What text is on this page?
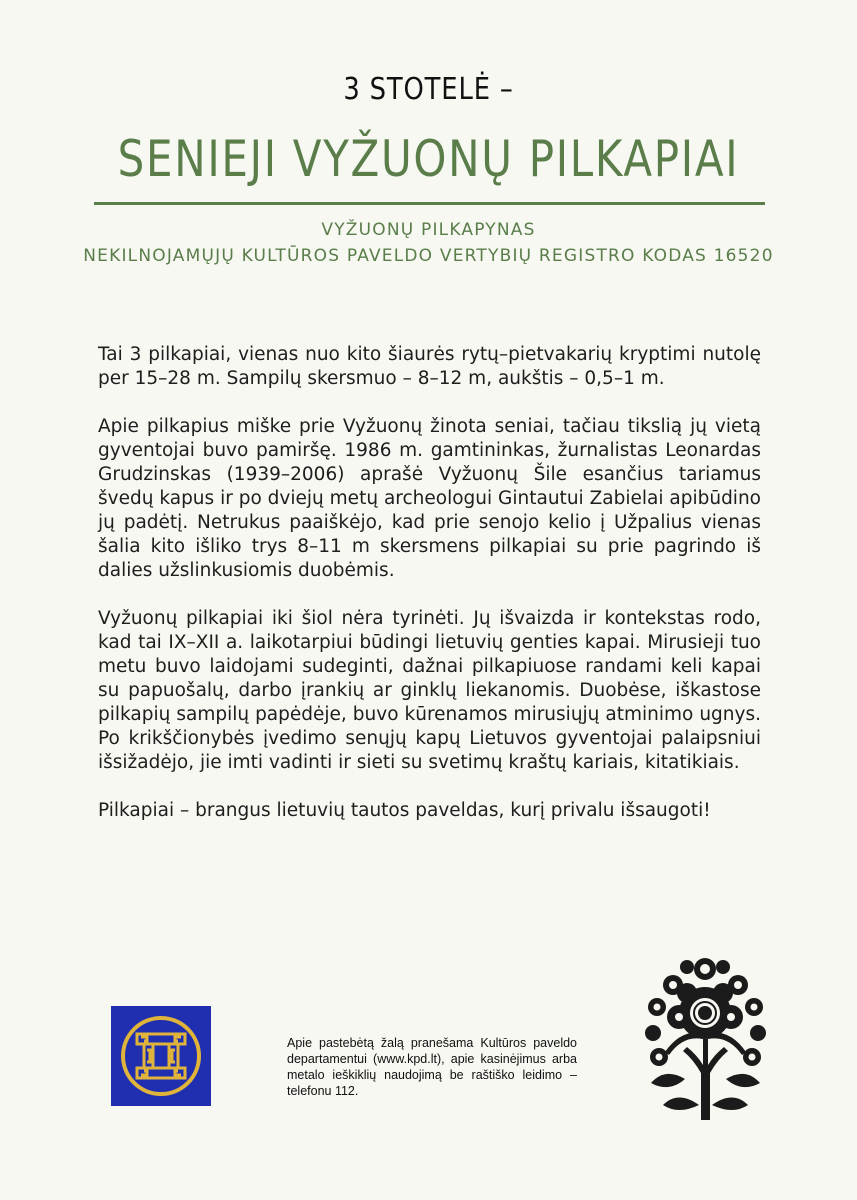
3 STOTELĖ –
SENIEJI VYŽUONŲ PILKAPIAI
VYŽUONŲ PILKAPYNAS
NEKILNOJAMŲJŲ KULTŪROS PAVELDO VERTYBIŲ REGISTRO KODAS 16520

Tai 3 pilkapiai, vienas nuo kito šiaurės rytų–pietvakarių kryptimi nutolę per 15–28 m. Sampilų skersmuo – 8–12 m, aukštis – 0,5–1 m.

Apie pilkapius miške prie Vyžuonų žinota seniai, tačiau tikslią jų vietą gyventojai buvo pamiršę. 1986 m. gamtininkas, žurnalistas Leonardas Grudzinskas (1939–2006) aprašė Vyžuonų Šile esančius tariamus švedų kapus ir po dviejų metų archeologui Gintautui Zabielai apibūdino jų padėtį. Netrukus paaiškėjo, kad prie senojo kelio į Užpalius vienas šalia kito išliko trys 8–11 m skersmens pilkapiai su prie pagrindo iš dalies užslinkusiomis duobėmis.

Vyžuonų pilkapiai iki šiol nėra tyrinėti. Jų išvaizda ir kontekstas rodo, kad tai IX–XII a. laikotarpiui būdingi lietuvių genties kapai. Mirusieji tuo metu buvo laidojami sudeginti, dažnai pilkapiuose randami keli kapai su papuošalų, darbo įrankių ar ginklų liekanomis. Duobėse, iškastose pilkapių sampilų papėdėje, buvo kūrenamos mirusiųjų atminimo ugnys. Po krikščionybės įvedimo senųjų kapų Lietuvos gyventojai palaipsniui išsižadėjo, jie imti vadinti ir sieti su svetimų kraštų kariais, kitatikiais.

Pilkapiai – brangus lietuvių tautos paveldas, kurį privalu išsaugoti!

Apie pastebėtą žalą pranešama Kultūros paveldo departamentui (www.kpd.lt), apie kasinėjimus arba metalo ieškiklių naudojimą be raštiško leidimo – telefonu 112.
